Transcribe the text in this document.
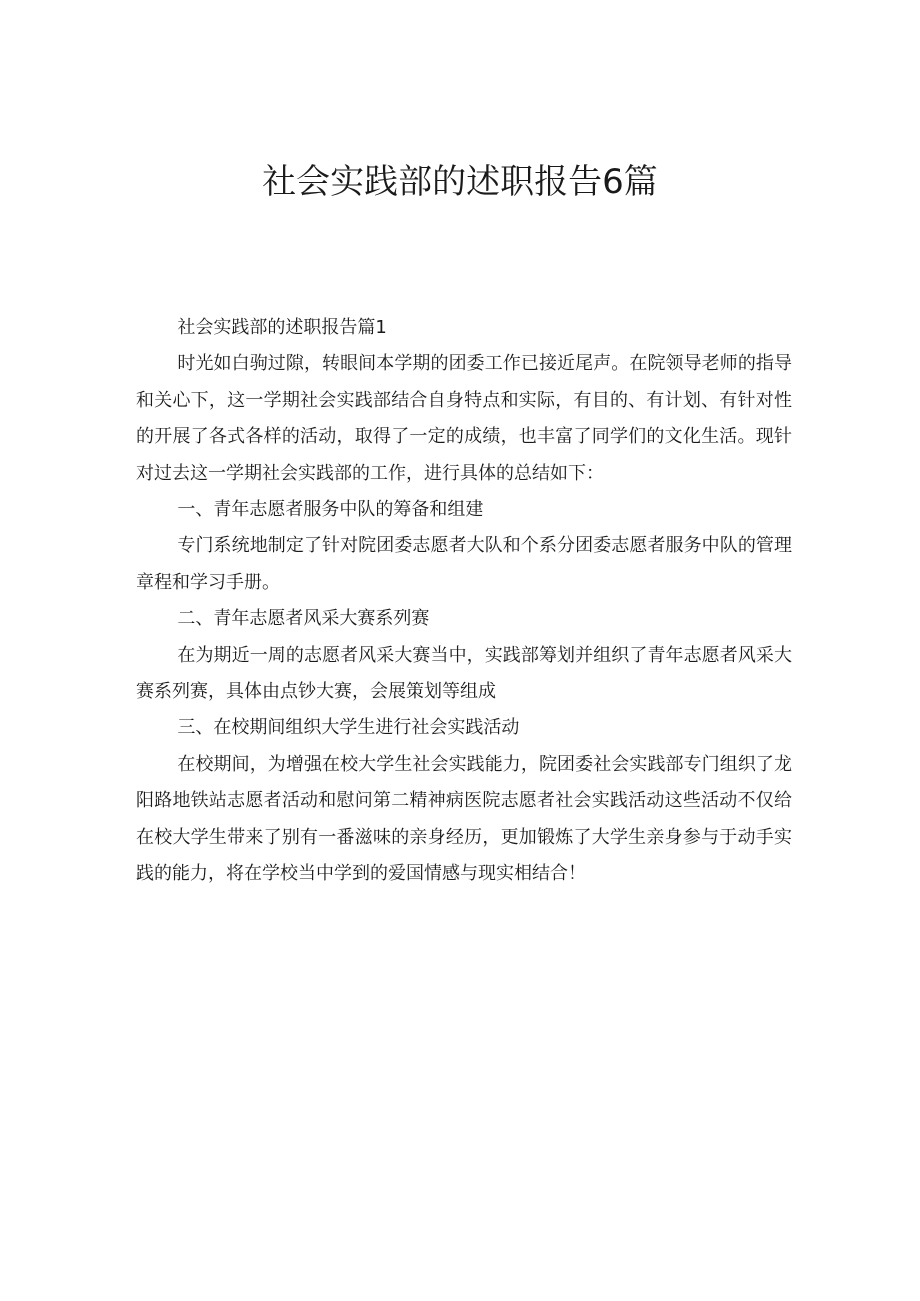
社会实践部的述职报告6篇

社会实践部的述职报告篇1

时光如白驹过隙，转眼间本学期的团委工作已接近尾声。在院领导老师的指导和关心下，这一学期社会实践部结合自身特点和实际，有目的、有计划、有针对性的开展了各式各样的活动，取得了一定的成绩，也丰富了同学们的文化生活。现针对过去这一学期社会实践部的工作，进行具体的总结如下：

一、青年志愿者服务中队的筹备和组建

专门系统地制定了针对院团委志愿者大队和个系分团委志愿者服务中队的管理章程和学习手册。

二、青年志愿者风采大赛系列赛

在为期近一周的志愿者风采大赛当中，实践部筹划并组织了青年志愿者风采大赛系列赛，具体由点钞大赛，会展策划等组成

三、在校期间组织大学生进行社会实践活动

在校期间，为增强在校大学生社会实践能力，院团委社会实践部专门组织了龙阳路地铁站志愿者活动和慰问第二精神病医院志愿者社会实践活动这些活动不仅给在校大学生带来了别有一番滋味的亲身经历，更加锻炼了大学生亲身参与于动手实践的能力，将在学校当中学到的爱国情感与现实相结合！
